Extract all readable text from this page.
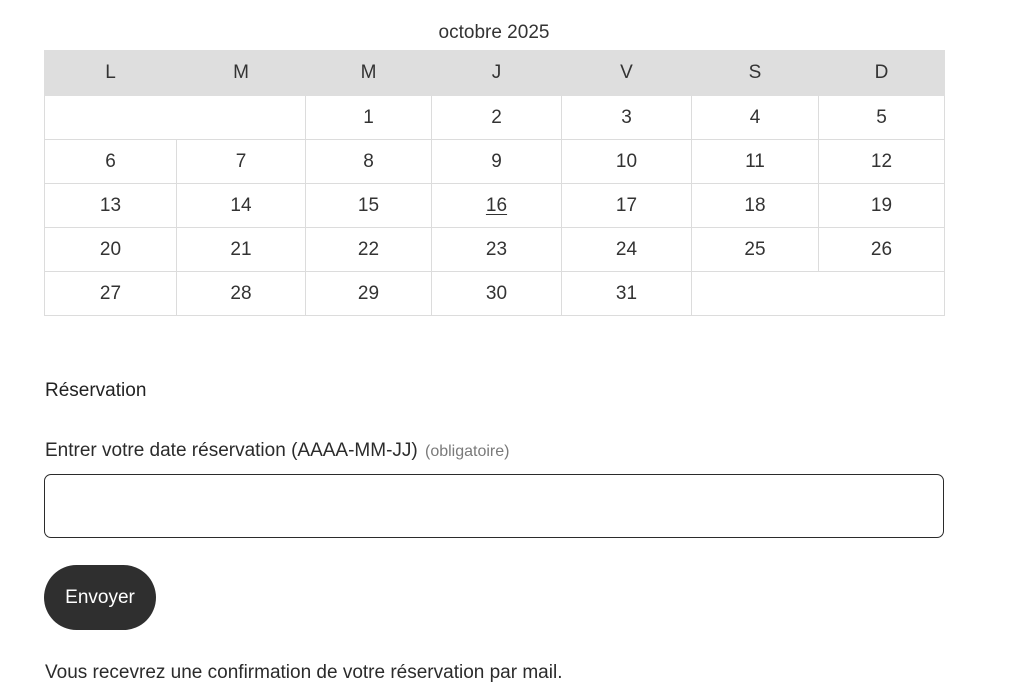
octobre 2025
L	M	M	J	V	S	D
		1	2	3	4	5
6	7	8	9	10	11	12
13	14	15	16	17	18	19
20	21	22	23	24	25	26
27	28	29	30	31		
Réservation
Entrer votre date réservation (AAAA-MM-JJ) (obligatoire)
Envoyer
Vous recevrez une confirmation de votre réservation par mail.
